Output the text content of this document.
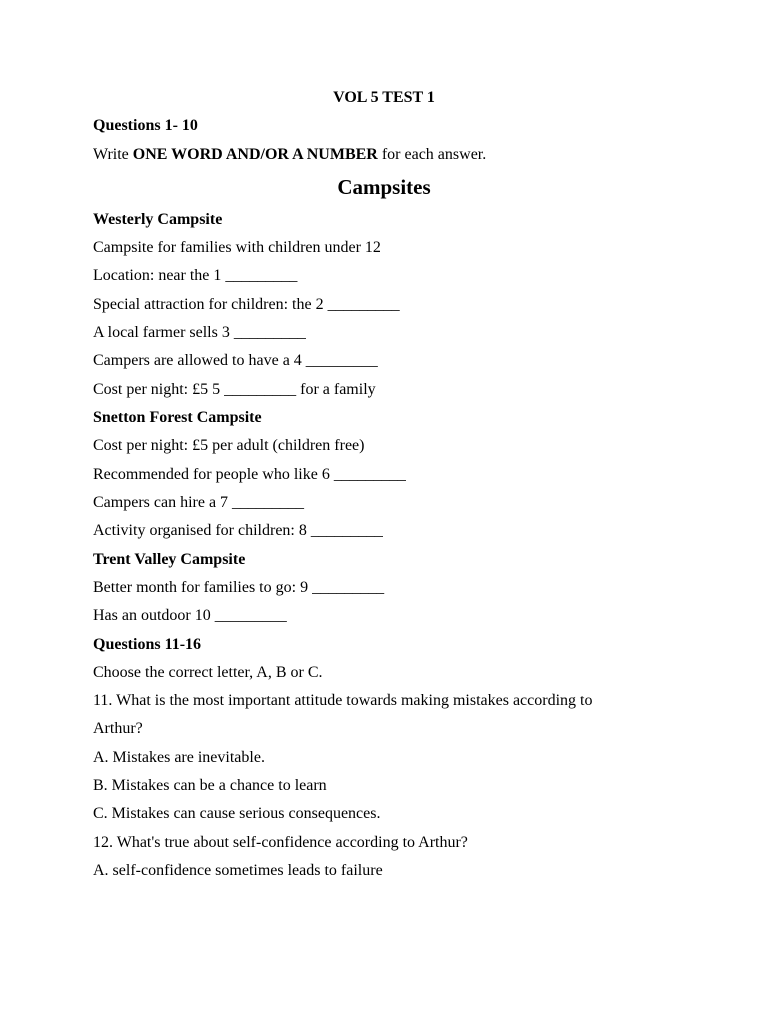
VOL 5 TEST 1
Questions 1- 10
Write ONE WORD AND/OR A NUMBER for each answer.
Campsites
Westerly Campsite
Campsite for families with children under 12
Location: near the 1 _________
Special attraction for children: the 2 _________
A local farmer sells 3 _________
Campers are allowed to have a 4 _________
Cost per night: £5 5 _________ for a family
Snetton Forest Campsite
Cost per night: £5 per adult (children free)
Recommended for people who like 6 _________
Campers can hire a 7 _________
Activity organised for children: 8 _________
Trent Valley Campsite
Better month for families to go: 9 _________
Has an outdoor 10 _________
Questions 11-16
Choose the correct letter, A, B or C.
11. What is the most important attitude towards making mistakes according to
Arthur?
A. Mistakes are inevitable.
B. Mistakes can be a chance to learn
C. Mistakes can cause serious consequences.
12. What's true about self-confidence according to Arthur?
A. self-confidence sometimes leads to failure
